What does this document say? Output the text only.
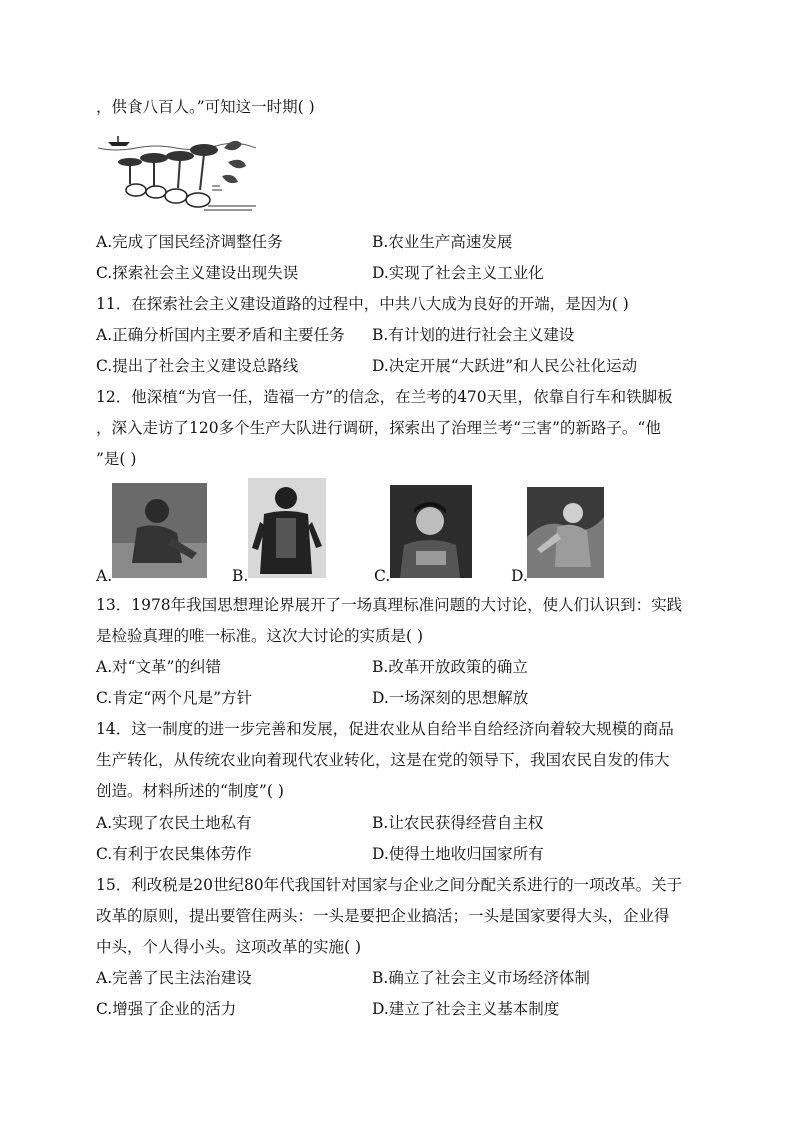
，供食八百人。”可知这一时期( )
A.完成了国民经济调整任务	B.农业生产高速发展
C.探索社会主义建设出现失误	D.实现了社会主义工业化
11．在探索社会主义建设道路的过程中，中共八大成为良好的开端，是因为( )
A.正确分析国内主要矛盾和主要任务 B.有计划的进行社会主义建设
C.提出了社会主义建设总路线	D.决定开展“大跃进”和人民公社化运动
12．他深植“为官一任，造福一方”的信念，在兰考的470天里，依靠自行车和铁脚板
，深入走访了120多个生产大队进行调研，探索出了治理兰考“三害”的新路子。“他
”是( )
A.	B.	C.	D.
13．1978年我国思想理论界展开了一场真理标准问题的大讨论，使人们认识到：实践
是检验真理的唯一标准。这次大讨论的实质是( )
A.对“文革”的纠错	B.改革开放政策的确立
C.肯定“两个凡是”方针	D.一场深刻的思想解放
14．这一制度的进一步完善和发展，促进农业从自给半自给经济向着较大规模的商品
生产转化，从传统农业向着现代农业转化，这是在党的领导下，我国农民自发的伟大
创造。材料所述的“制度”( )
A.实现了农民土地私有	B.让农民获得经营自主权
C.有利于农民集体劳作	D.使得土地收归国家所有
15．利改税是20世纪80年代我国针对国家与企业之间分配关系进行的一项改革。关于
改革的原则，提出要管住两头：一头是要把企业搞活；一头是国家要得大头，企业得
中头，个人得小头。这项改革的实施( )
A.完善了民主法治建设	B.确立了社会主义市场经济体制
C.增强了企业的活力	D.建立了社会主义基本制度
